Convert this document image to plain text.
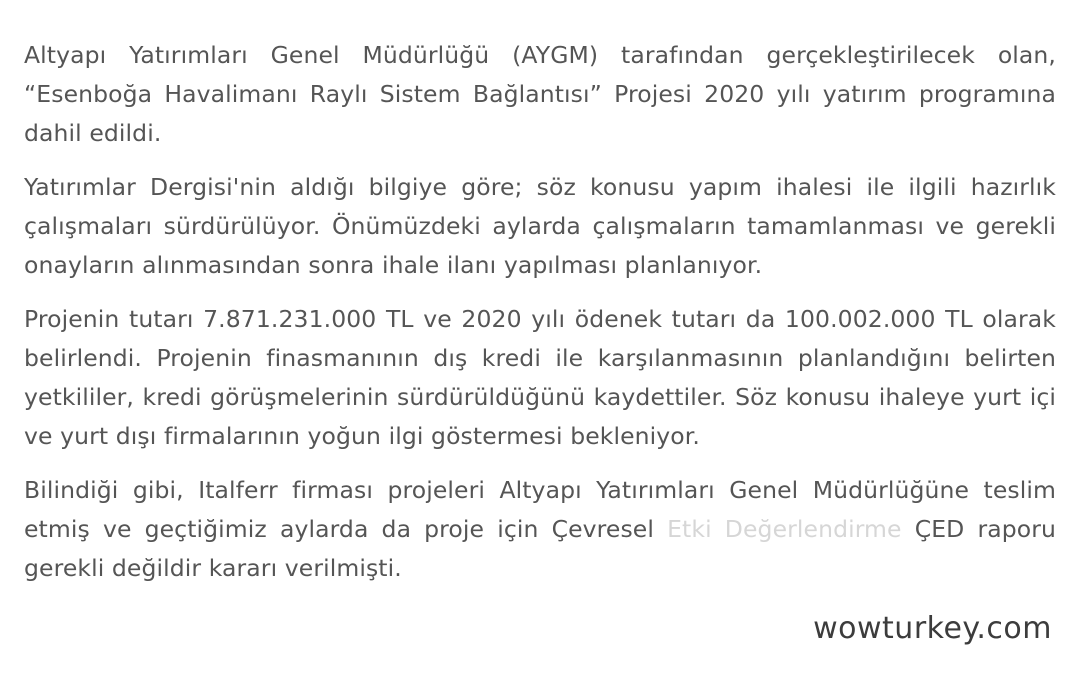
Altyapı Yatırımları Genel Müdürlüğü (AYGM) tarafından gerçekleştirilecek olan, “Esenboğa Havalimanı Raylı Sistem Bağlantısı” Projesi 2020 yılı yatırım programına dahil edildi.

Yatırımlar Dergisi'nin aldığı bilgiye göre; söz konusu yapım ihalesi ile ilgili hazırlık çalışmaları sürdürülüyor. Önümüzdeki aylarda çalışmaların tamamlanması ve gerekli onayların alınmasından sonra ihale ilanı yapılması planlanıyor.

Projenin tutarı 7.871.231.000 TL ve 2020 yılı ödenek tutarı da 100.002.000 TL olarak belirlendi. Projenin finasmanının dış kredi ile karşılanmasının planlandığını belirten yetkililer, kredi görüşmelerinin sürdürüldüğünü kaydettiler. Söz konusu ihaleye yurt içi ve yurt dışı firmalarının yoğun ilgi göstermesi bekleniyor.

Bilindiği gibi, Italferr firması projeleri Altyapı Yatırımları Genel Müdürlüğüne teslim etmiş ve geçtiğimiz aylarda da proje için Çevresel Etki Değerlendirme ÇED raporu gerekli değildir kararı verilmişti.

wowturkey.com
